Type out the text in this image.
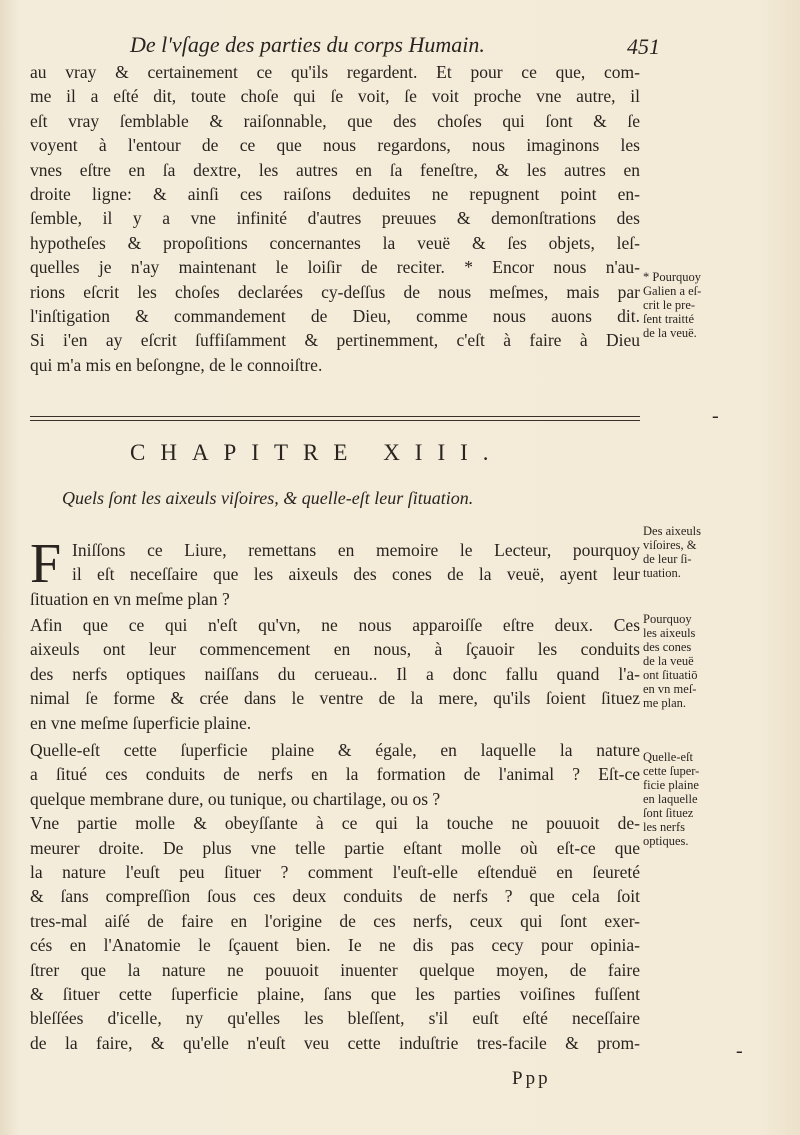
De l'vſage des parties du corps Humain.	451
au vray & certainement ce qu'ils regardent. Et pour ce que, com-
me il a eſté dit, toute choſe qui ſe voit, ſe voit proche vne autre, il
eſt vray ſemblable & raiſonnable, que des choſes qui ſont & ſe
voyent à l'entour de ce que nous regardons, nous imaginons les
vnes eſtre en ſa dextre, les autres en ſa feneſtre, & les autres en
droite ligne: & ainſi ces raiſons deduites ne repugnent point en-
ſemble, il y a vne infinité d'autres preuues & demonſtrations des
hypotheſes & propoſitions concernantes la veuë & ſes objets, leſ-
quelles je n'ay maintenant le loiſir de reciter. * Encor nous n'au-
rions eſcrit les choſes declarées cy-deſſus de nous meſmes, mais par
l'inſtigation & commandement de Dieu, comme nous auons dit.
Si i'en ay eſcrit ſuffiſamment & pertinemment, c'eſt à faire à Dieu
qui m'a mis en beſongne, de le connoiſtre.
* Pourquoy
Galien a eſ-
crit le pre-
ſent traitté
de la veuë.
CHAPITRE XIII.
Quels ſont les aixeuls viſoires, & quelle-eſt leur ſituation.
F Iniſſons ce Liure, remettans en memoire le Lecteur, pourquoy
il eſt neceſſaire que les aixeuls des cones de la veuë, ayent leur
ſituation en vn meſme plan ?
Afin que ce qui n'eſt qu'vn, ne nous apparoiſſe eſtre deux. Ces
aixeuls ont leur commencement en nous, à ſçauoir les conduits
des nerfs optiques naiſſans du cerueau.. Il a donc fallu quand l'a-
nimal ſe forme & crée dans le ventre de la mere, qu'ils ſoient ſituez
en vne meſme ſuperficie plaine.
Quelle-eſt cette ſuperficie plaine & égale, en laquelle la nature
a ſitué ces conduits de nerfs en la formation de l'animal ? Eſt-ce
quelque membrane dure, ou tunique, ou chartilage, ou os ?
Vne partie molle & obeyſſante à ce qui la touche ne pouuoit de-
meurer droite. De plus vne telle partie eſtant molle où eſt-ce que
la nature l'euſt peu ſituer ? comment l'euſt-elle eſtenduë en ſeureté
& ſans compreſſion ſous ces deux conduits de nerfs ? que cela ſoit
tres-mal aiſé de faire en l'origine de ces nerfs, ceux qui ſont exer-
cés en l'Anatomie le ſçauent bien. Ie ne dis pas cecy pour opinia-
ſtrer que la nature ne pouuoit inuenter quelque moyen, de faire
& ſituer cette ſuperficie plaine, ſans que les parties voiſines fuſſent
bleſſées d'icelle, ny qu'elles les bleſſent, s'il euſt eſté neceſſaire
de la faire, & qu'elle n'euſt veu cette induſtrie tres-facile & prom-
Des aixeuls
viſoires, &
de leur ſi-
tuation.
Pourquoy
les aixeuls
des cones
de la veuë
ont ſituatiō
en vn meſ-
me plan.
Quelle-eſt
cette ſuper-
ficie plaine
en laquelle
ſont ſituez
les nerfs
optiques.
Ppp
‐
‐
